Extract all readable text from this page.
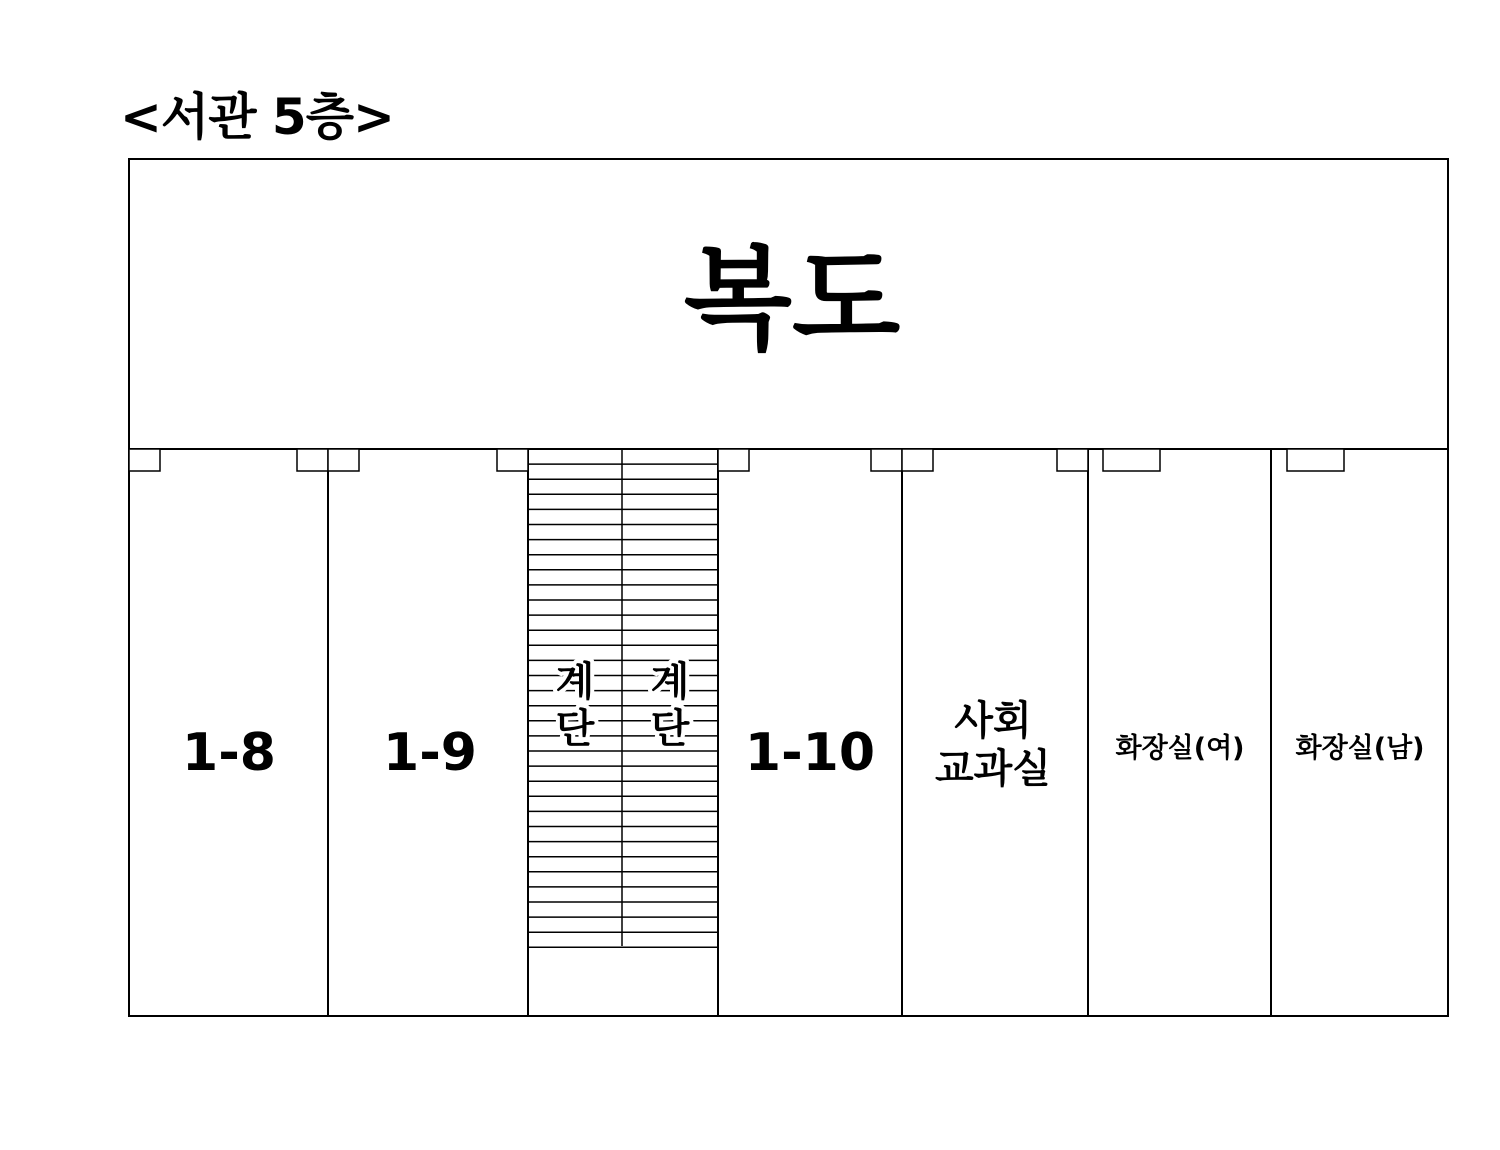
<서관 5층>
복도
1-8 1-9
계
단
계
단 1-10
사회
교과실 화장실(여) 화장실(남)
